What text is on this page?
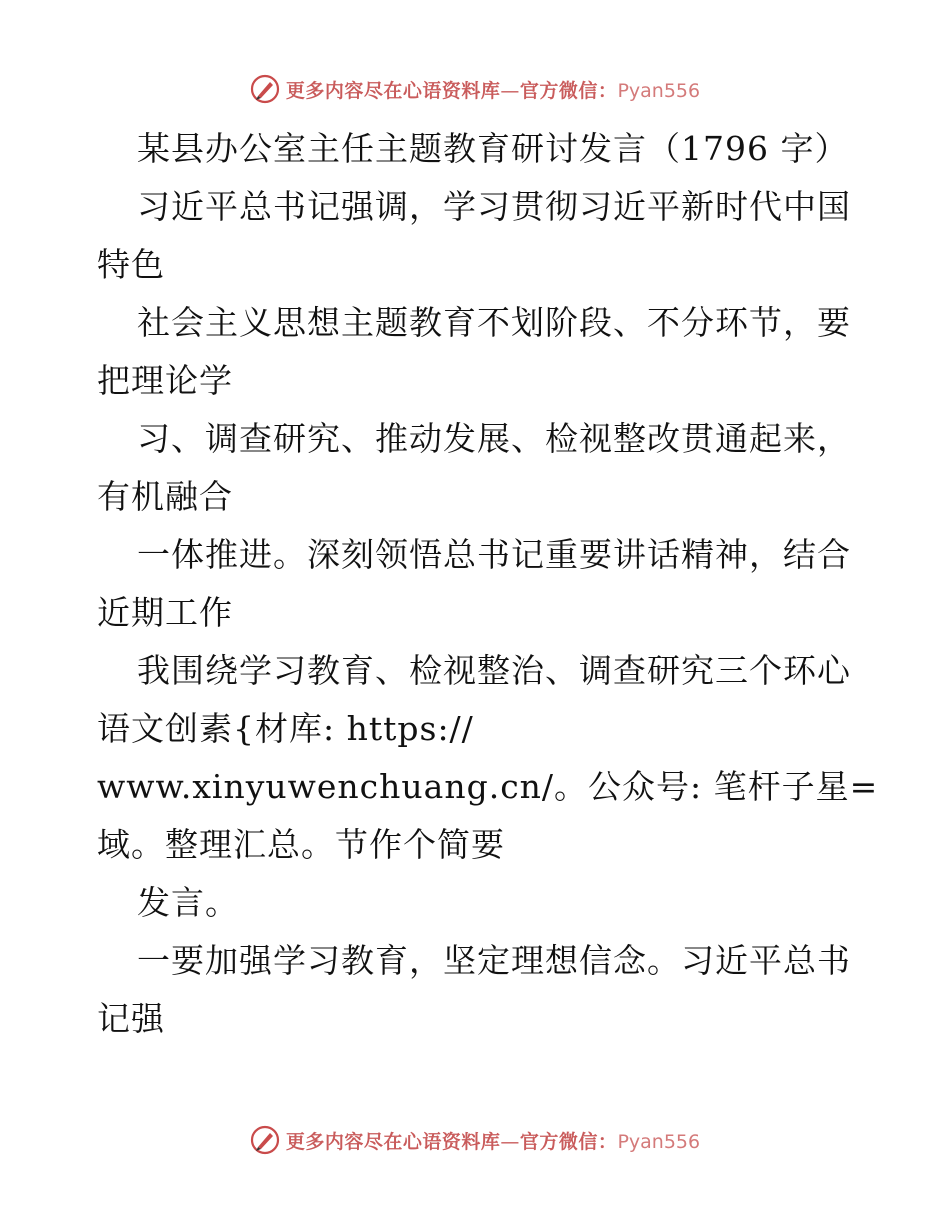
更多内容尽在心语资料库—官方微信：Pyan556
某县办公室主任主题教育研讨发言（1796 字）
习近平总书记强调，学习贯彻习近平新时代中国
特色
社会主义思想主题教育不划阶段、不分环节，要
把理论学
习、调查研究、推动发展、检视整改贯通起来，
有机融合
一体推进。深刻领悟总书记重要讲话精神，结合
近期工作
我围绕学习教育、检视整治、调查研究三个环心
语文创素{材库: https://
www.xinyuwenchuang.cn/。公众号: 笔杆子星=
域。整理汇总。节作个简要
发言。
一要加强学习教育，坚定理想信念。习近平总书
记强
更多内容尽在心语资料库—官方微信：Pyan556
